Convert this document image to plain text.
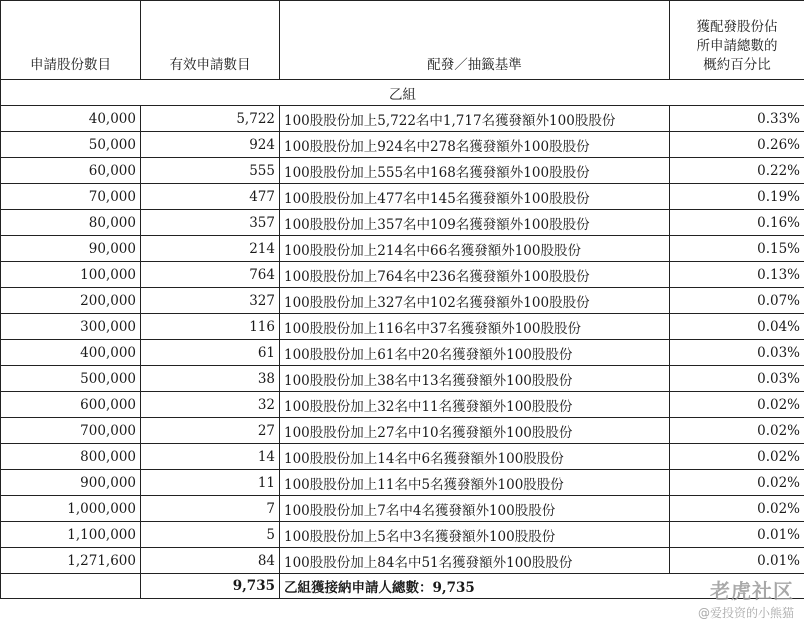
申請股份數目	有效申請數目	配發／抽籤基準	獲配發股份佔
所申請總數的
概約百分比

乙組			
40,000	5,722	100股股份加上5,722名中1,717名獲發額外100股股份	0.33%
50,000	924	100股股份加上924名中278名獲發額外100股股份	0.26%
60,000	555	100股股份加上555名中168名獲發額外100股股份	0.22%
70,000	477	100股股份加上477名中145名獲發額外100股股份	0.19%
80,000	357	100股股份加上357名中109名獲發額外100股股份	0.16%
90,000	214	100股股份加上214名中66名獲發額外100股股份	0.15%
100,000	764	100股股份加上764名中236名獲發額外100股股份	0.13%
200,000	327	100股股份加上327名中102名獲發額外100股股份	0.07%
300,000	116	100股股份加上116名中37名獲發額外100股股份	0.04%
400,000	61	100股股份加上61名中20名獲發額外100股股份	0.03%
500,000	38	100股股份加上38名中13名獲發額外100股股份	0.03%
600,000	32	100股股份加上32名中11名獲發額外100股股份	0.02%
700,000	27	100股股份加上27名中10名獲發額外100股股份	0.02%
800,000	14	100股股份加上14名中6名獲發額外100股股份	0.02%
900,000	11	100股股份加上11名中5名獲發額外100股股份	0.02%
1,000,000	7	100股股份加上7名中4名獲發額外100股股份	0.02%
1,100,000	5	100股股份加上5名中3名獲發額外100股股份	0.01%
1,271,600	84	100股股份加上84名中51名獲發額外100股股份	0.01%
	9,735	乙組獲接納申請人總數：9,735		老虎社区
@爱投资的小熊猫
